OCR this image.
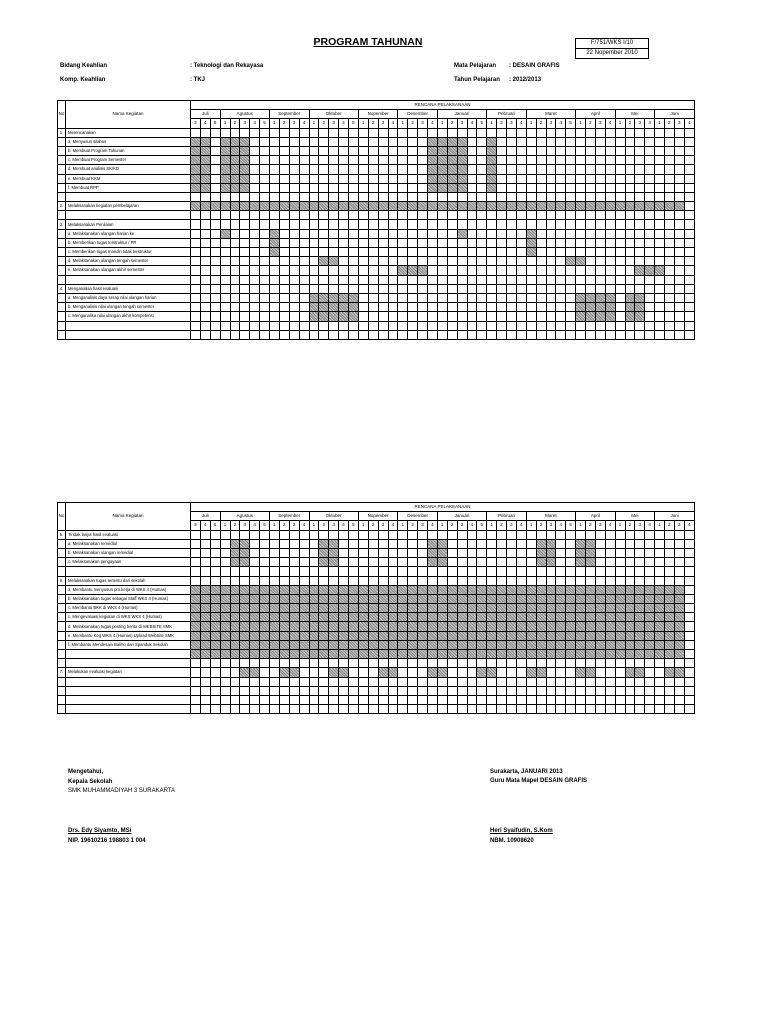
PROGRAM TAHUNAN	F/751/WKS I/10
22 Nopember 2010
Bidang Keahlian	: Teknologi dan Rekayasa
Komp. Keahlian	: TKJ
Mata Pelajaran : DESAIN GRAFIS
Tahun Pelajaran : 2012/2013
No	Nama Kegiatan	RENCANA PELAKSANAAN																																																		
		Juli			Agustus					September				Oktober					Nopember				Desember				Januari					Pebruari				Maret					April				Mei				Juni			
		3	4	5	1	2	3	4	5	1	2	3	4	1	2	3	4	5	1	2	3	4	1	2	3	4	1	2	3	4	5	1	2	3	4	1	2	3	4	5	1	2	3	4	1	2	3	4	1	2	3	4
1.	Merencanakan																																																			
	a. Menyusun silabus																																																			
	b. Membuat Program Tahunan																																																			
	c. Membuat Program Semester																																																			
	d. Membuat analisis SK/KD																																																			
	e. Membuat KKM																																																			
	f. Membuat RPP																																																			

2.	Melaksanakan kegiatan pembelajaran																																																			

3.	Melaksanakan Penilaian																																																			
	a. Melaksanakan ulangan harian ke																																																			
	b. Memberikan tugas terstruktur / PR																																																			
	c. Memberikan tugas mandiri tidak terstruktur																																																			
	d. Melaksanakan ulangan tengah semester																																																			
	e. Melaksanakan ulangan akhir semester																																																			

4.	Menganalisa hasil evaluasi																																																			
	a. Menganalisis daya serap nilai ulangan harian																																																			
	b. Menganalisis nilai ulangan tengah semester																																																			
	c. Menganalisa nilai ulangan akhir kompetensi																																																			

No	Nama Kegiatan	RENCANA PELAKSANAAN																																																		
		Juli			Agustus					September				Oktober					Nopember				Desember				Januari					Pebruari				Maret					April				Mei				Juni			
		3	4	5	1	2	3	4	5	1	2	3	4	1	2	3	4	5	1	2	3	4	1	2	3	4	1	2	3	4	5	1	2	3	4	1	2	3	4	5	1	2	3	4	1	2	3	4	1	2	3	4
5.	Tindak lanjut hasil evaluasi																																																			
	a. Melaksanakan remedial																																																			
	b. Melaksanakan ulangan remedial																																																			
	c. Melaksanakan pengayaan																																																			

6.	Melaksanakan tugas tertentu dari sekolah																																																			
	a. Membantu menyusun pro.kerja di WKS 4 (Humas)																																																			
	b. Melaksanakan tugas sebagai Staff WKS 4 (Humas)																																																			
	c. Membantu BKK di WKS 4 (Humas)																																																			
	c. Mengevaluasi kegiatan di WKS WKS 4 (Humas)																																																			
	d. Melaksanakan tugas posting berita di WEBSITE SMK																																																			
	e. Membantu Keg WKS 4 (Humas) Upload WebSite SMK																																																			
	f. Membantu Mendesain Baliho dan Spanduk Sekolah																																																			

7.	Melakukan evaluasi kegiatan																																																			

Mengetahui,
Kepala Sekolah
SMK MUHAMMADIYAH 3 SURAKARTA
Drs. Edy Siyamto, MSi
NIP. 19610216 198803 1 004
Surakarta, JANUARI 2013
Guru Mata Mapel DESAIN GRAFIS
Heri Syaifudin, S.Kom
NBM. 10908620
